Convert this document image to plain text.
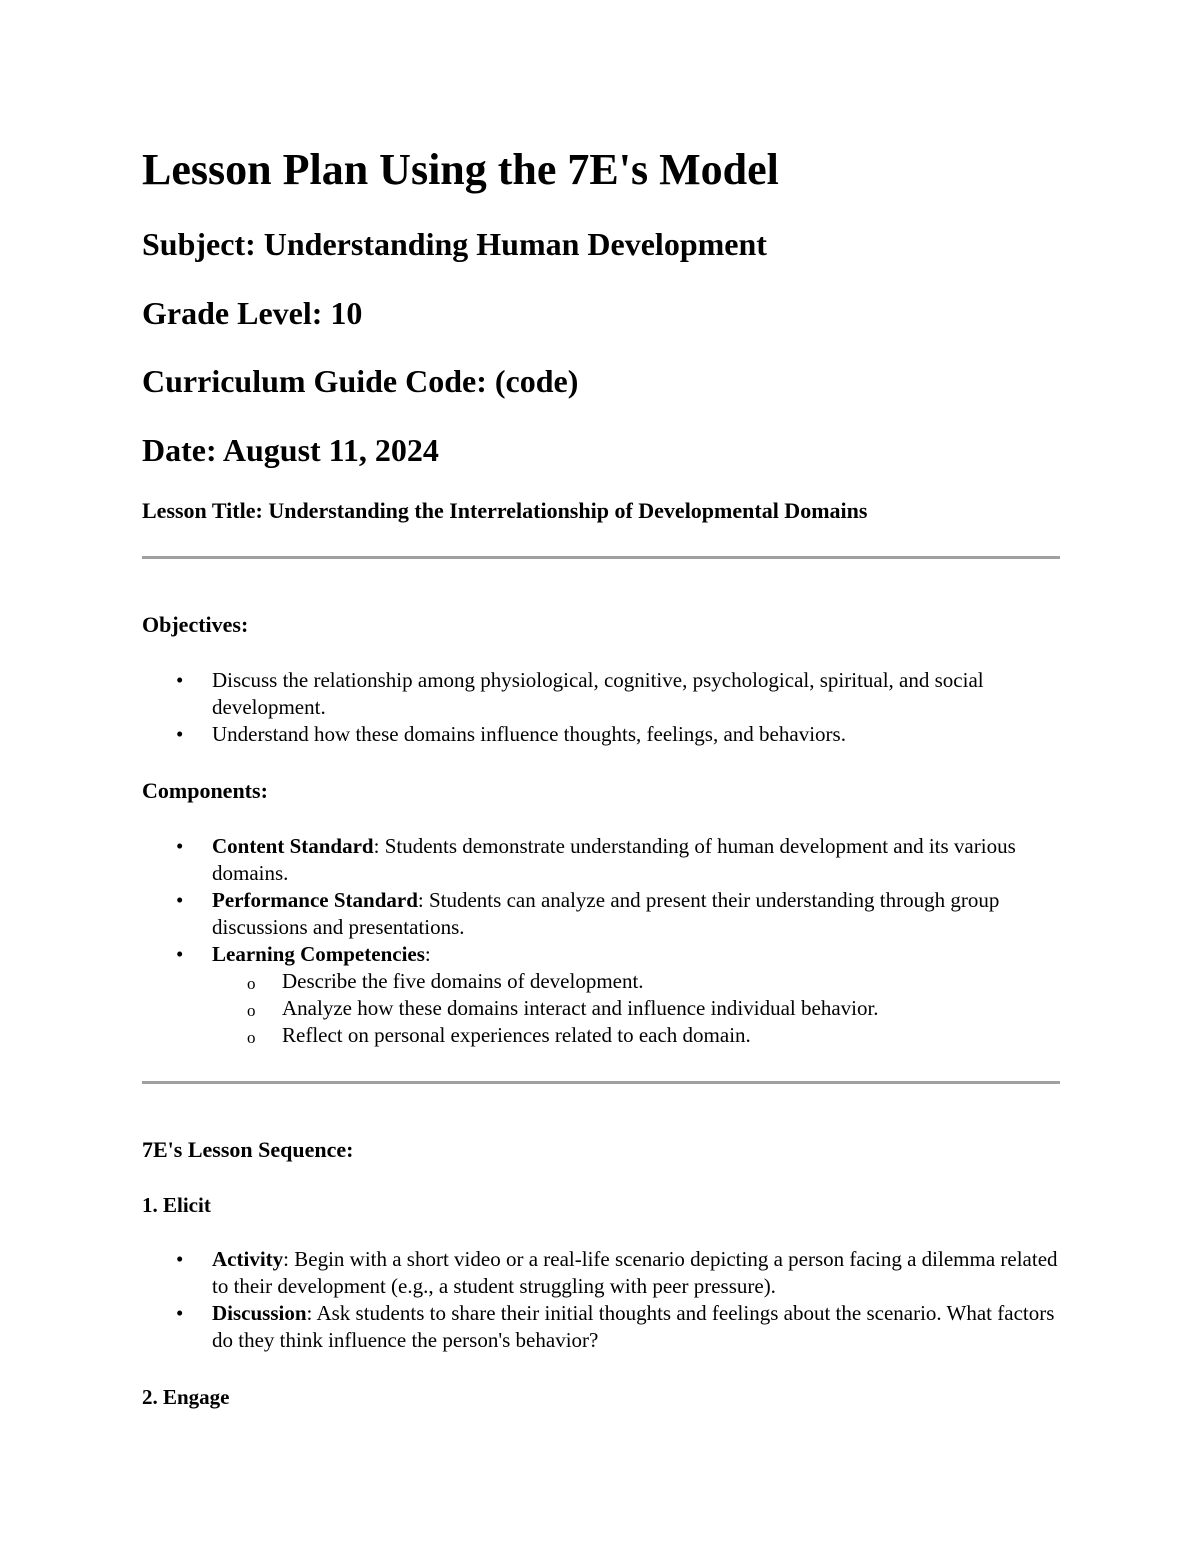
Lesson Plan Using the 7E's Model
Subject: Understanding Human Development
Grade Level: 10
Curriculum Guide Code: (code)
Date: August 11, 2024
Lesson Title: Understanding the Interrelationship of Developmental Domains
Objectives:
• Discuss the relationship among physiological, cognitive, psychological, spiritual, and social development.
• Understand how these domains influence thoughts, feelings, and behaviors.
Components:
• Content Standard: Students demonstrate understanding of human development and its various domains.
• Performance Standard: Students can analyze and present their understanding through group discussions and presentations.
• Learning Competencies:
o Describe the five domains of development.
o Analyze how these domains interact and influence individual behavior.
o Reflect on personal experiences related to each domain.
7E's Lesson Sequence:
1. Elicit
• Activity: Begin with a short video or a real-life scenario depicting a person facing a dilemma related to their development (e.g., a student struggling with peer pressure).
• Discussion: Ask students to share their initial thoughts and feelings about the scenario. What factors do they think influence the person's behavior?
2. Engage
